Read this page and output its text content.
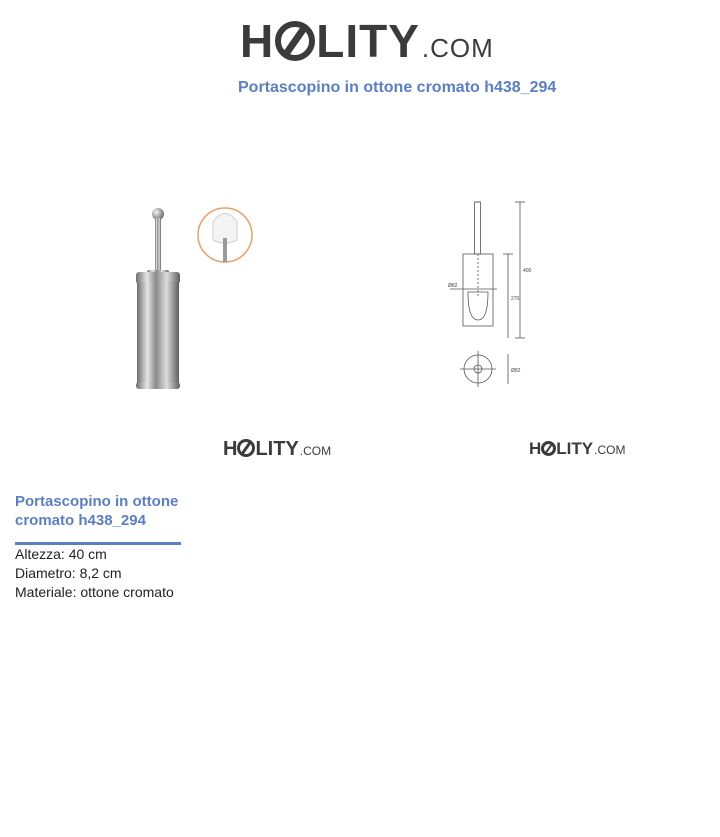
H LITY .COM
Portascopino in ottone cromato h438_294
400
270
Ø82
Ø82
H LITY .COM	H LITY .COM
Portascopino in ottone cromato h438_294

Altezza: 40 cm

Diametro: 8,2 cm

Materiale: ottone cromato
